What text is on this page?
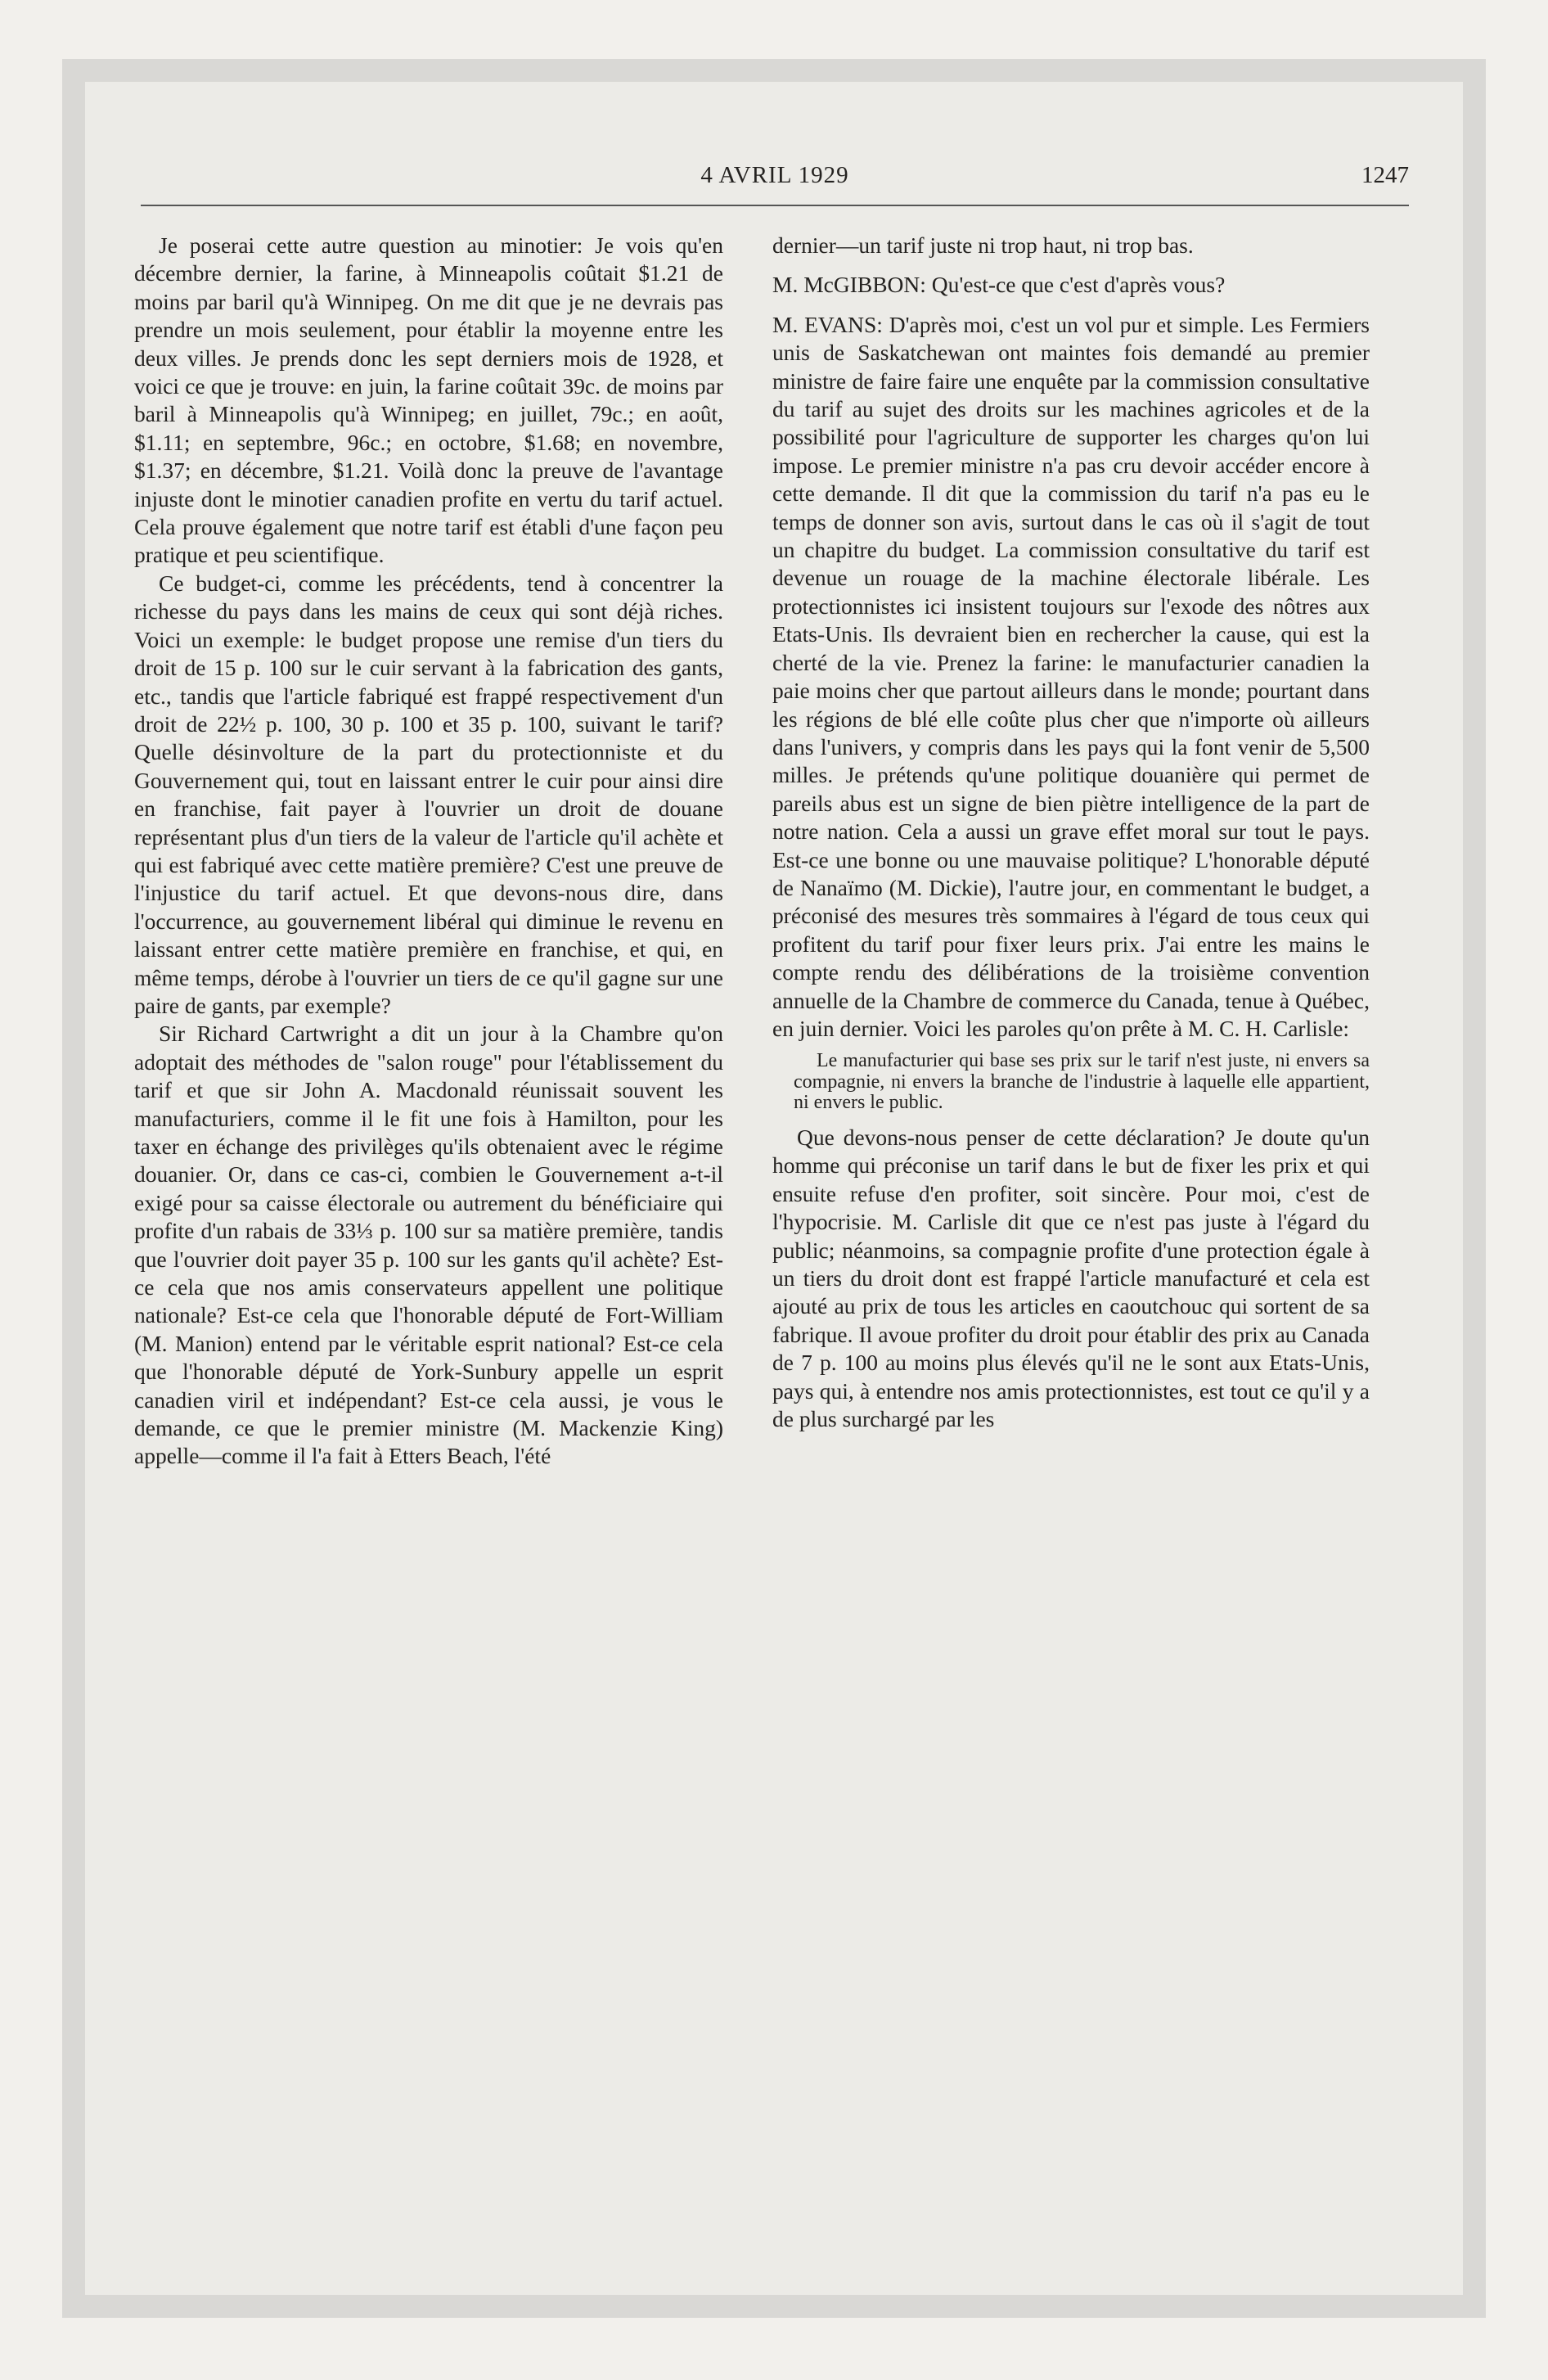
4 AVRIL 1929	1247

Je poserai cette autre question au minotier: Je vois qu'en décembre dernier, la farine, à Minneapolis coûtait $1.21 de moins par baril qu'à Winnipeg. On me dit que je ne devrais pas prendre un mois seulement, pour établir la moyenne entre les deux villes. Je prends donc les sept derniers mois de 1928, et voici ce que je trouve: en juin, la farine coûtait 39c. de moins par baril à Minneapolis qu'à Winnipeg; en juillet, 79c.; en août, $1.11; en septembre, 96c.; en octobre, $1.68; en novembre, $1.37; en décembre, $1.21. Voilà donc la preuve de l'avantage injuste dont le minotier canadien profite en vertu du tarif actuel. Cela prouve également que notre tarif est établi d'une façon peu pratique et peu scientifique.

Ce budget-ci, comme les précédents, tend à concentrer la richesse du pays dans les mains de ceux qui sont déjà riches. Voici un exemple: le budget propose une remise d'un tiers du droit de 15 p. 100 sur le cuir servant à la fabrication des gants, etc., tandis que l'article fabriqué est frappé respectivement d'un droit de 22½ p. 100, 30 p. 100 et 35 p. 100, suivant le tarif? Quelle désinvolture de la part du protectionniste et du Gouvernement qui, tout en laissant entrer le cuir pour ainsi dire en franchise, fait payer à l'ouvrier un droit de douane représentant plus d'un tiers de la valeur de l'article qu'il achète et qui est fabriqué avec cette matière première? C'est une preuve de l'injustice du tarif actuel. Et que devons-nous dire, dans l'occurrence, au gouvernement libéral qui diminue le revenu en laissant entrer cette matière première en franchise, et qui, en même temps, dérobe à l'ouvrier un tiers de ce qu'il gagne sur une paire de gants, par exemple?

Sir Richard Cartwright a dit un jour à la Chambre qu'on adoptait des méthodes de "salon rouge" pour l'établissement du tarif et que sir John A. Macdonald réunissait souvent les manufacturiers, comme il le fit une fois à Hamilton, pour les taxer en échange des privilèges qu'ils obtenaient avec le régime douanier. Or, dans ce cas-ci, combien le Gouvernement a-t-il exigé pour sa caisse électorale ou autrement du bénéficiaire qui profite d'un rabais de 33⅓ p. 100 sur sa matière première, tandis que l'ouvrier doit payer 35 p. 100 sur les gants qu'il achète? Est-ce cela que nos amis conservateurs appellent une politique nationale? Est-ce cela que l'honorable député de Fort-William (M. Manion) entend par le véritable esprit national? Est-ce cela que l'honorable député de York-Sunbury appelle un esprit canadien viril et indépendant? Est-ce cela aussi, je vous le demande, ce que le premier ministre (M. Mackenzie King) appelle—comme il l'a fait à Etters Beach, l'été

dernier—un tarif juste ni trop haut, ni trop bas.

M. McGIBBON: Qu'est-ce que c'est d'après vous?

M. EVANS: D'après moi, c'est un vol pur et simple. Les Fermiers unis de Saskatchewan ont maintes fois demandé au premier ministre de faire faire une enquête par la commission consultative du tarif au sujet des droits sur les machines agricoles et de la possibilité pour l'agriculture de supporter les charges qu'on lui impose. Le premier ministre n'a pas cru devoir accéder encore à cette demande. Il dit que la commission du tarif n'a pas eu le temps de donner son avis, surtout dans le cas où il s'agit de tout un chapitre du budget. La commission consultative du tarif est devenue un rouage de la machine électorale libérale. Les protectionnistes ici insistent toujours sur l'exode des nôtres aux Etats-Unis. Ils devraient bien en rechercher la cause, qui est la cherté de la vie. Prenez la farine: le manufacturier canadien la paie moins cher que partout ailleurs dans le monde; pourtant dans les régions de blé elle coûte plus cher que n'importe où ailleurs dans l'univers, y compris dans les pays qui la font venir de 5,500 milles. Je prétends qu'une politique douanière qui permet de pareils abus est un signe de bien piètre intelligence de la part de notre nation. Cela a aussi un grave effet moral sur tout le pays. Est-ce une bonne ou une mauvaise politique? L'honorable député de Nanaïmo (M. Dickie), l'autre jour, en commentant le budget, a préconisé des mesures très sommaires à l'égard de tous ceux qui profitent du tarif pour fixer leurs prix. J'ai entre les mains le compte rendu des délibérations de la troisième convention annuelle de la Chambre de commerce du Canada, tenue à Québec, en juin dernier. Voici les paroles qu'on prête à M. C. H. Carlisle:

Le manufacturier qui base ses prix sur le tarif n'est juste, ni envers sa compagnie, ni envers la branche de l'industrie à laquelle elle appartient, ni envers le public.

Que devons-nous penser de cette déclaration? Je doute qu'un homme qui préconise un tarif dans le but de fixer les prix et qui ensuite refuse d'en profiter, soit sincère. Pour moi, c'est de l'hypocrisie. M. Carlisle dit que ce n'est pas juste à l'égard du public; néanmoins, sa compagnie profite d'une protection égale à un tiers du droit dont est frappé l'article manufacturé et cela est ajouté au prix de tous les articles en caoutchouc qui sortent de sa fabrique. Il avoue profiter du droit pour établir des prix au Canada de 7 p. 100 au moins plus élevés qu'il ne le sont aux Etats-Unis, pays qui, à entendre nos amis protectionnistes, est tout ce qu'il y a de plus surchargé par les
